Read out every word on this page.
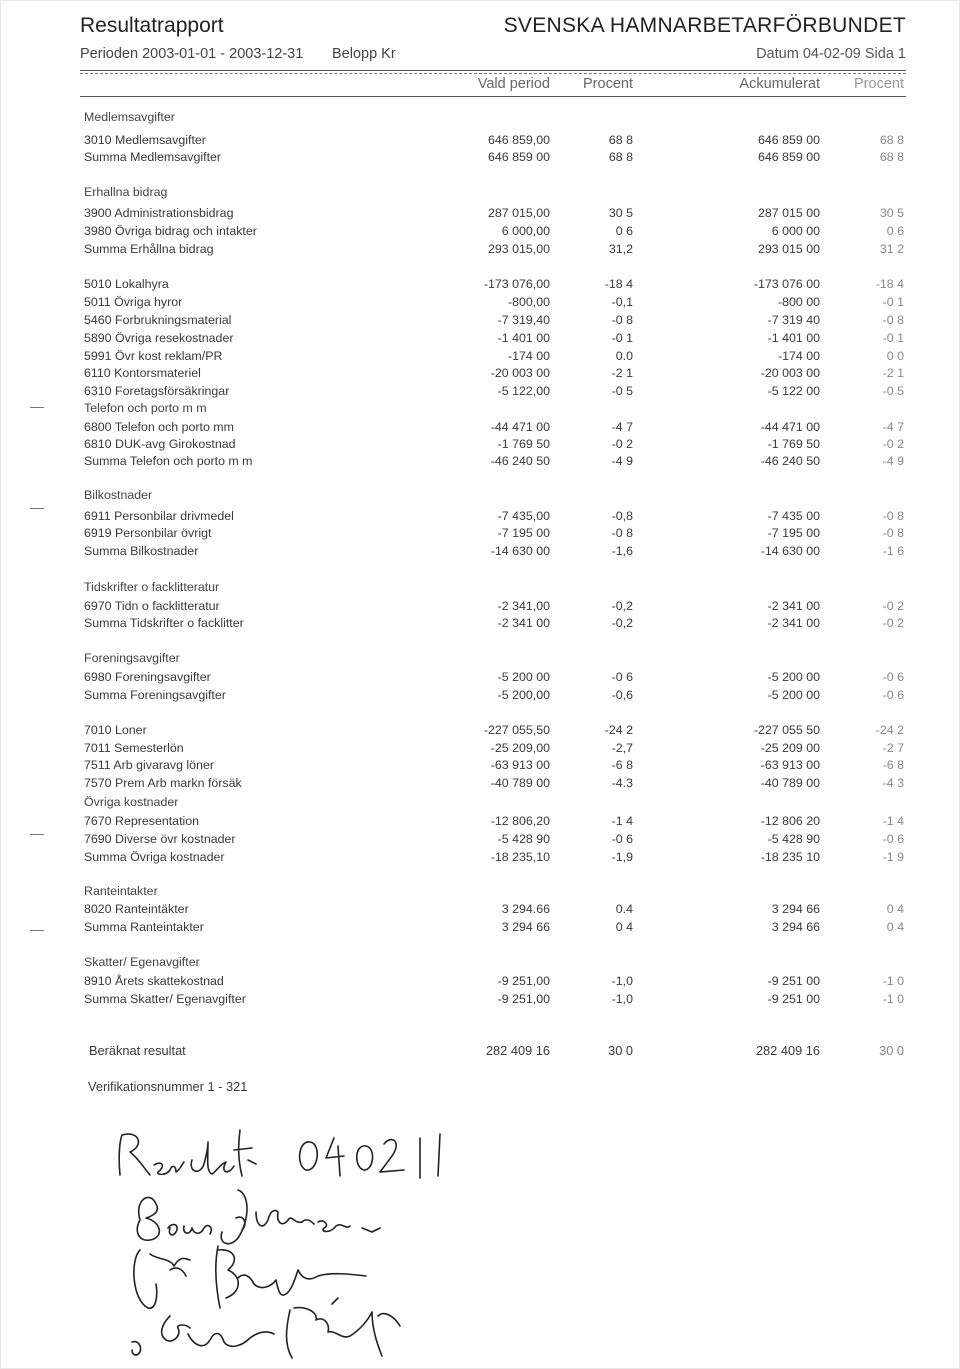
Resultatrapport	SVENSKA HAMNARBETARFÖRBUNDET
Perioden 2003-01-01 - 2003-12-31 Belopp Kr	Datum 04-02-09 Sida 1
Vald period Procent	Ackumulerat Procent
Medlemsavgifter
3010 Medlemsavgifter	646 859,00	68 8	646 859 00	68 8
Summa Medlemsavgifter	646 859 00	68 8	646 859 00	68 8
Erhallna bidrag
3900 Administrationsbidrag	287 015,00	30 5	287 015 00	30 5
3980 Övriga bidrag och intakter	6 000,00	0 6	6 000 00	0 6
Summa Erhållna bidrag	293 015,00	31,2	293 015 00	31 2
5010 Lokalhyra	-173 076,00	-18 4	-173 076 00	-18 4
5011 Övriga hyror	-800,00	-0,1	-800 00	-0 1
5460 Forbrukningsmaterial	-7 319,40	-0 8	-7 319 40	-0 8
5890 Övriga resekostnader	-1 401 00	-0 1	-1 401 00	-0 1
5991 Övr kost reklam/PR	-174 00	0.0	-174 00	0 0
6110 Kontorsmateriel	-20 003 00	-2 1	-20 003 00	-2 1
6310 Foretagsförsäkringar	-5 122,00	-0 5	-5 122 00	-0 5
Telefon och porto m m
6800 Telefon och porto mm	-44 471 00	-4 7	-44 471 00	-4 7
6810 DUK-avg Girokostnad	-1 769 50	-0 2	-1 769 50	-0 2
Summa Telefon och porto m m	-46 240 50	-4 9	-46 240 50	-4 9
Bilkostnader
6911 Personbilar drivmedel	-7 435,00	-0,8	-7 435 00	-0 8
6919 Personbilar övrigt	-7 195 00	-0 8	-7 195 00	-0 8
Summa Bilkostnader	-14 630 00	-1,6	-14 630 00	-1 6
Tidskrifter o facklitteratur
6970 Tidn o facklitteratur	-2 341,00	-0,2	-2 341 00	-0 2
Summa Tidskrifter o facklitter	-2 341 00	-0,2	-2 341 00	-0 2
Foreningsavgifter
6980 Foreningsavgifter	-5 200 00	-0 6	-5 200 00	-0 6
Summa Foreningsavgifter	-5 200,00	-0,6	-5 200 00	-0 6
7010 Loner	-227 055,50	-24 2	-227 055 50	-24 2
7011 Semesterlön	-25 209,00	-2,7	-25 209 00	-2 7
7511 Arb givaravg löner	-63 913 00	-6 8	-63 913 00	-6 8
7570 Prem Arb markn försäk	-40 789 00	-4.3	-40 789 00	-4 3
Övriga kostnader
7670 Representation	-12 806,20	-1 4	-12 806 20	-1 4
7690 Diverse övr kostnader	-5 428 90	-0 6	-5 428 90	-0 6
Summa Övriga kostnader	-18 235,10	-1,9	-18 235 10	-1 9
Ranteintakter
8020 Ranteintäkter	3 294.66	0.4	3 294 66	0 4
Summa Ranteintakter	3 294 66	0 4	3 294 66	0 4
Skatter/ Egenavgifter
8910 Årets skattekostnad	-9 251,00	-1,0	-9 251 00	-1 0
Summa Skatter/ Egenavgifter	-9 251,00	-1,0	-9 251 00	-1 0
Beräknat resultat	282 409 16	30 0	282 409 16	30 0
Verifikationsnummer 1 - 321
